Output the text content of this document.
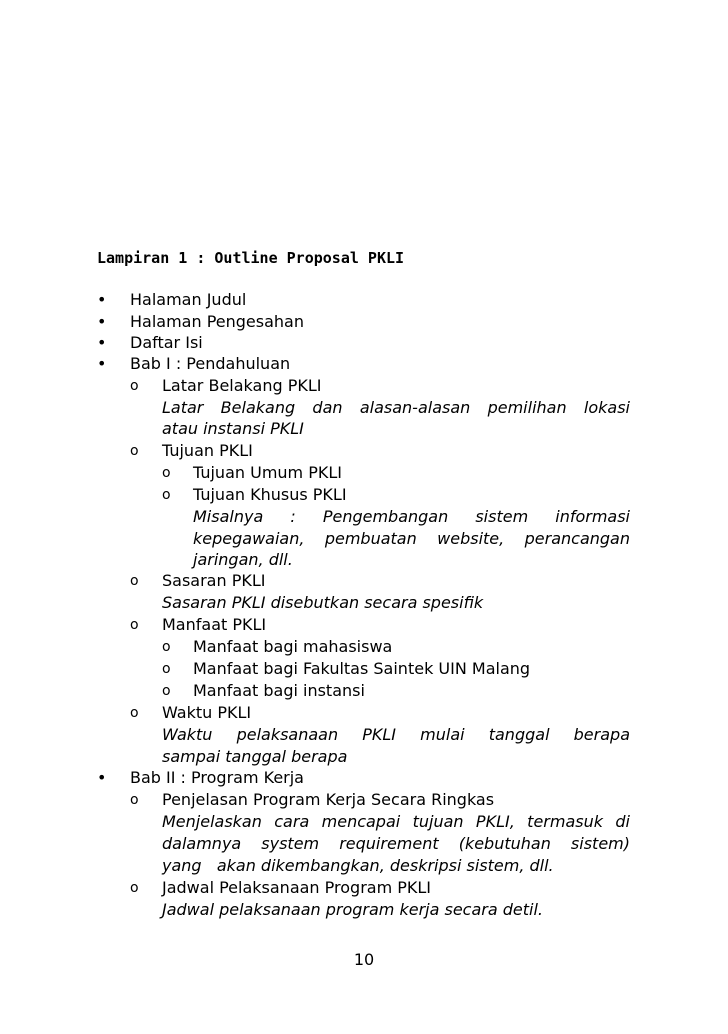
Lampiran 1 : Outline Proposal PKLI
• Halaman Judul
• Halaman Pengesahan
• Daftar Isi
• Bab I : Pendahuluan
o	Latar Belakang PKLI
Latar Belakang dan alasan-alasan pemilihan lokasi
atau instansi PKLI
o	Tujuan PKLI
o	Tujuan Umum PKLI
o	Tujuan Khusus PKLI
Misalnya : Pengembangan sistem informasi
kepegawaian, pembuatan website, perancangan
jaringan, dll.
o	Sasaran PKLI
Sasaran PKLI disebutkan secara spesifik
o	Manfaat PKLI
o	Manfaat bagi mahasiswa
o	Manfaat bagi Fakultas Saintek UIN Malang
o	Manfaat bagi instansi
o	Waktu PKLI
Waktu pelaksanaan PKLI mulai tanggal berapa
sampai tanggal berapa
• Bab II : Program Kerja
o	Penjelasan Program Kerja Secara Ringkas
Menjelaskan cara mencapai tujuan PKLI, termasuk di
dalamnya system requirement (kebutuhan sistem)
yang   akan dikembangkan, deskripsi sistem, dll.
o	Jadwal Pelaksanaan Program PKLI
Jadwal pelaksanaan program kerja secara detil.
10
